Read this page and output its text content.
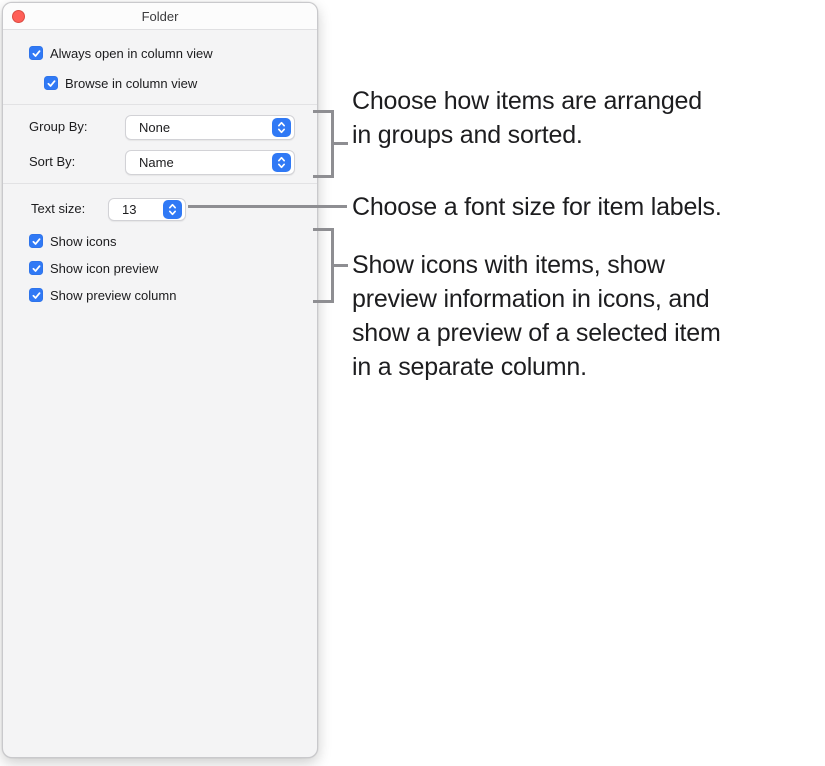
Folder
Always open in column view
Browse in column view
Group By:	None
Sort By:	Name
Text size:	13
Show icons
Show icon preview
Show preview column
Choose how items are arranged
in groups and sorted.
Choose a font size for item labels.
Show icons with items, show
preview information in icons, and
show a preview of a selected item
in a separate column.
